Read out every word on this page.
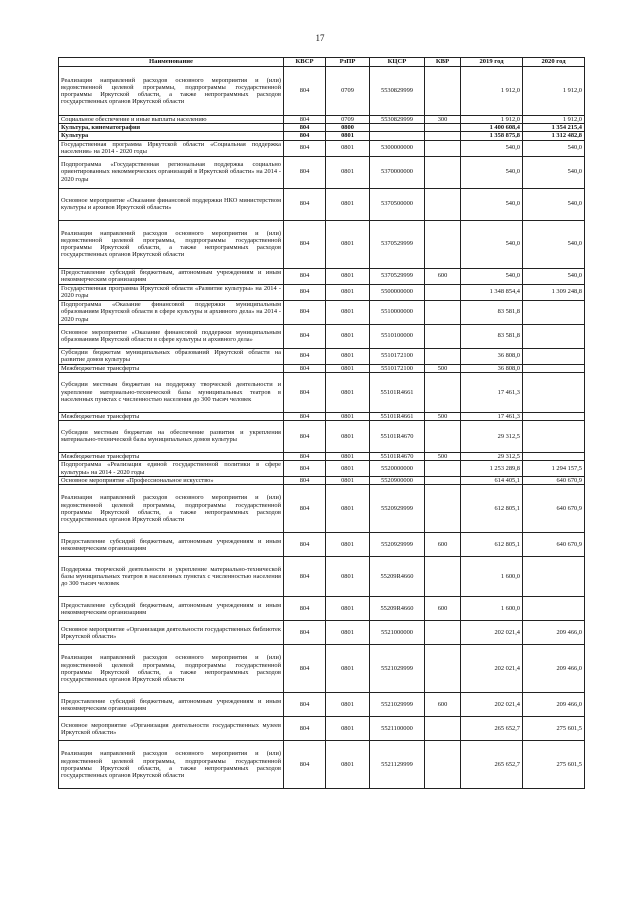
17
Наименование	КВСР	РзПР	КЦСР	КВР	2019 год	2020 год
Реализация направлений расходов основного мероприятия и (или) ведомственной целевой программы, подпрограммы государственной программы Иркутской области, а также непрограммных расходов государственных органов Иркутской области	804	0709	5530829999		1 912,0	1 912,0
Социальное обеспечение и иные выплаты населению	804	0709	5530829999	300	1 912,0	1 912,0
Культура, кинематография	804	0800			1 400 608,4	1 354 215,4
Культура	804	0801			1 358 875,8	1 312 482,8
Государственная программа Иркутской области «Социальная поддержка населения» на 2014 - 2020 годы	804	0801	5300000000		540,0	540,0
Подпрограмма «Государственная региональная поддержка социально ориентированных некоммерческих организаций в Иркутской области» на 2014 - 2020 годы	804	0801	5370000000		540,0	540,0
Основное мероприятие «Оказание финансовой поддержки НКО министерством культуры и архивов Иркутской области»	804	0801	5370500000		540,0	540,0
Реализация направлений расходов основного мероприятия и (или) ведомственной целевой программы, подпрограммы государственной программы Иркутской области, а также непрограммных расходов государственных органов Иркутской области	804	0801	5370529999		540,0	540,0
Предоставление субсидий бюджетным, автономным учреждениям и иным некоммерческим организациям	804	0801	5370529999	600	540,0	540,0
Государственная программа Иркутской области «Развитие культуры» на 2014 - 2020 годы	804	0801	5500000000		1 348 854,4	1 309 248,8
Подпрограмма «Оказание финансовой поддержки муниципальным образованиям Иркутской области в сфере культуры и архивного дела» на 2014 - 2020 годы	804	0801	5510000000		83 581,8	
Основное мероприятие «Оказание финансовой поддержки муниципальным образованиям Иркутской области в сфере культуры и архивного дела»	804	0801	5510100000		83 581,8	
Субсидии бюджетам муниципальных образований Иркутской области на развитие домов культуры	804	0801	5510172100		36 808,0	
Межбюджетные трансферты	804	0801	5510172100	500	36 808,0	
Субсидии местным бюджетам на поддержку творческой деятельности и укрепление материально-технической базы муниципальных театров в населенных пунктах с численностью населения до 300 тысяч человек	804	0801	55101R4661		17 461,3	
Межбюджетные трансферты	804	0801	55101R4661	500	17 461,3	
Субсидии местным бюджетам на обеспечение развития и укрепления материально-технической базы муниципальных домов культуры	804	0801	55101R4670		29 312,5	
Межбюджетные трансферты	804	0801	55101R4670	500	29 312,5	
Подпрограмма «Реализация единой государственной политики в сфере культуры» на 2014 - 2020 годы	804	0801	5520000000		1 253 289,8	1 294 157,5
Основное мероприятие «Профессиональное искусство»	804	0801	5520900000		614 405,1	640 670,9
Реализация направлений расходов основного мероприятия и (или) ведомственной целевой программы, подпрограммы государственной программы Иркутской области, а также непрограммных расходов государственных органов Иркутской области	804	0801	5520929999		612 805,1	640 670,9
Предоставление субсидий бюджетным, автономным учреждениям и иным некоммерческим организациям	804	0801	5520929999	600	612 805,1	640 670,9
Поддержка творческой деятельности и укрепление материально-технической базы муниципальных театров в населенных пунктах с численностью населения до 300 тысяч человек	804	0801	55209R4660		1 600,0	
Предоставление субсидий бюджетным, автономным учреждениям и иным некоммерческим организациям	804	0801	55209R4660	600	1 600,0	
Основное мероприятие «Организация деятельности государственных библиотек Иркутской области»	804	0801	5521000000		202 021,4	209 466,0
Реализация направлений расходов основного мероприятия и (или) ведомственной целевой программы, подпрограммы государственной программы Иркутской области, а также непрограммных расходов государственных органов Иркутской области	804	0801	5521029999		202 021,4	209 466,0
Предоставление субсидий бюджетным, автономным учреждениям и иным некоммерческим организациям	804	0801	5521029999	600	202 021,4	209 466,0
Основное мероприятие «Организация деятельности государственных музеев Иркутской области»	804	0801	5521100000		265 652,7	275 601,5
Реализация направлений расходов основного мероприятия и (или) ведомственной целевой программы, подпрограммы государственной программы Иркутской области, а также непрограммных расходов государственных органов Иркутской области	804	0801	5521129999		265 652,7	275 601,5
